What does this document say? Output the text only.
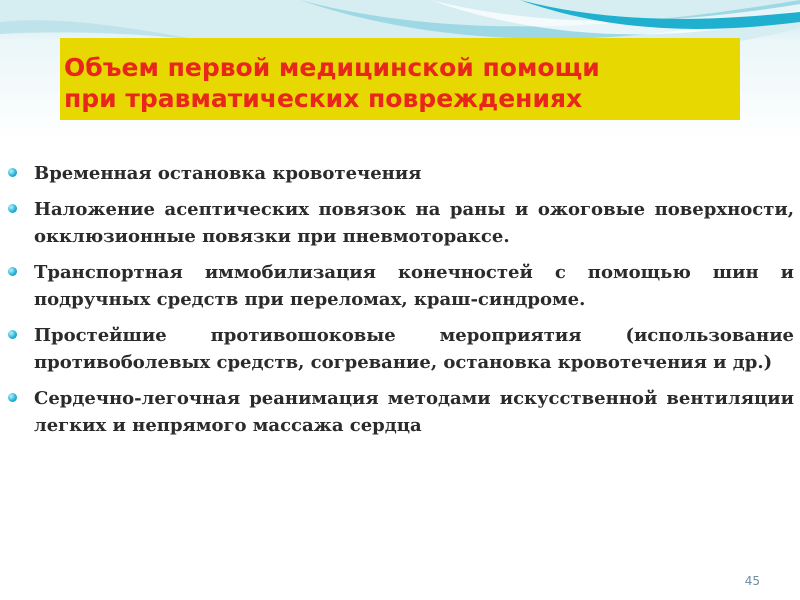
Объем первой медицинской помощи
при травматических повреждениях
Временная остановка кровотечения
Наложение асептических повязок на раны и ожоговые поверхности, окклюзионные повязки при пневмотораксе.
Транспортная иммобилизация конечностей с помощью шин и подручных средств при переломах, краш-синдроме.
Простейшие противошоковые мероприятия (использование противоболевых средств, согревание, остановка кровотечения и др.)
Сердечно-легочная реанимация методами искусственной вентиляции легких и непрямого массажа сердца
45
